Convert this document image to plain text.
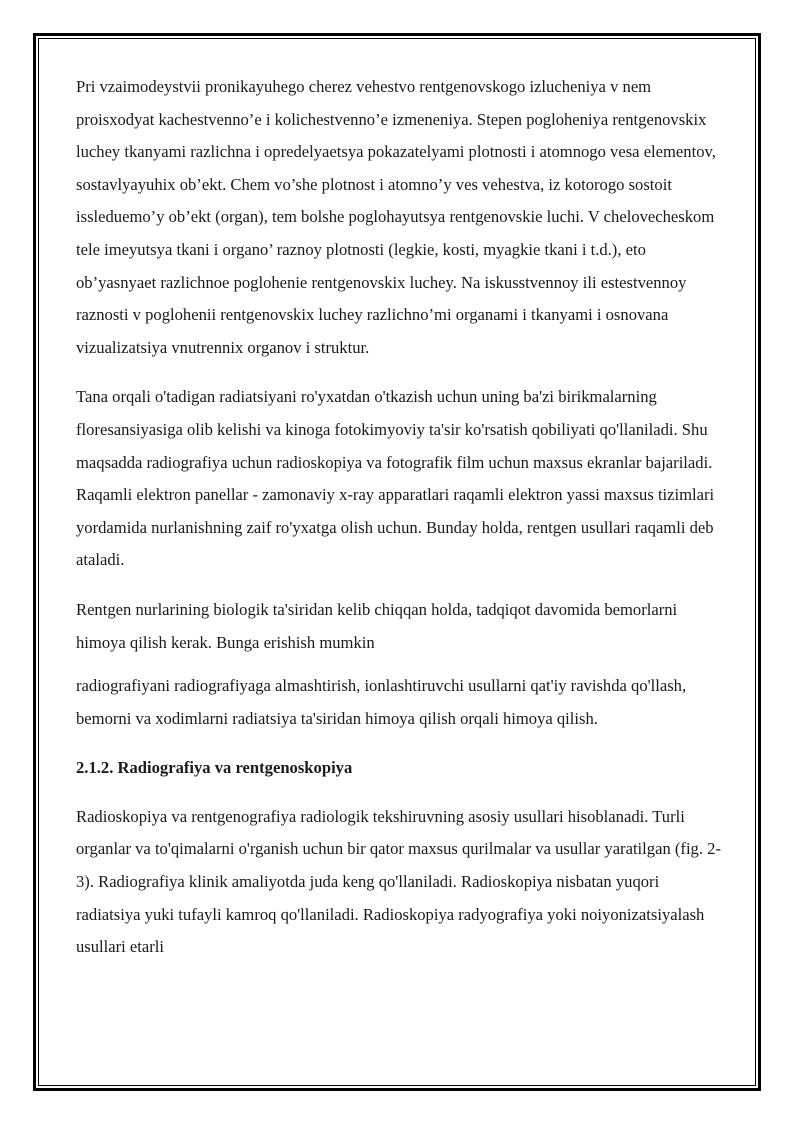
Pri vzaimodeystvii pronikayuhego cherez vehestvo rentgenovskogo izlucheniya v nem proisxodyat kachestvenno’e i kolichestvenno’e izmeneniya. Stepen pogloheniya rentgenovskix luchey tkanyami razlichna i opredelyaetsya pokazatelyami plotnosti i atomnogo vesa elementov, sostavlyayuhix ob’ekt. Chem vo’she plotnost i atomno’y ves vehestva, iz kotorogo sostoit issleduemo’y ob’ekt (organ), tem bolshe poglohayutsya rentgenovskie luchi. V chelovecheskom tele imeyutsya tkani i organo’ raznoy plotnosti (legkie, kosti, myagkie tkani i t.d.), eto ob’yasnyaet razlichnoe poglohenie rentgenovskix luchey. Na iskusstvennoy ili estestvennoy raznosti v poglohenii rentgenovskix luchey razlichno’mi organami i tkanyami i osnovana vizualizatsiya vnutrennix organov i struktur.

Tana orqali o'tadigan radiatsiyani ro'yxatdan o'tkazish uchun uning ba'zi birikmalarning floresansiyasiga olib kelishi va kinoga fotokimyoviy ta'sir ko'rsatish qobiliyati qo'llaniladi. Shu maqsadda radiografiya uchun radioskopiya va fotografik film uchun maxsus ekranlar bajariladi. Raqamli elektron panellar - zamonaviy x-ray apparatlari raqamli elektron yassi maxsus tizimlari yordamida nurlanishning zaif ro'yxatga olish uchun. Bunday holda, rentgen usullari raqamli deb ataladi.

Rentgen nurlarining biologik ta'siridan kelib chiqqan holda, tadqiqot davomida bemorlarni himoya qilish kerak. Bunga erishish mumkin

radiografiyani radiografiyaga almashtirish, ionlashtiruvchi usullarni qat'iy ravishda qo'llash, bemorni va xodimlarni radiatsiya ta'siridan himoya qilish orqali himoya qilish.

2.1.2. Radiografiya va rentgenoskopiya

Radioskopiya va rentgenografiya radiologik tekshiruvning asosiy usullari hisoblanadi. Turli organlar va to'qimalarni o'rganish uchun bir qator maxsus qurilmalar va usullar yaratilgan (fig. 2-3). Radiografiya klinik amaliyotda juda keng qo'llaniladi. Radioskopiya nisbatan yuqori radiatsiya yuki tufayli kamroq qo'llaniladi. Radioskopiya radyografiya yoki noiyonizatsiyalash usullari etarli
